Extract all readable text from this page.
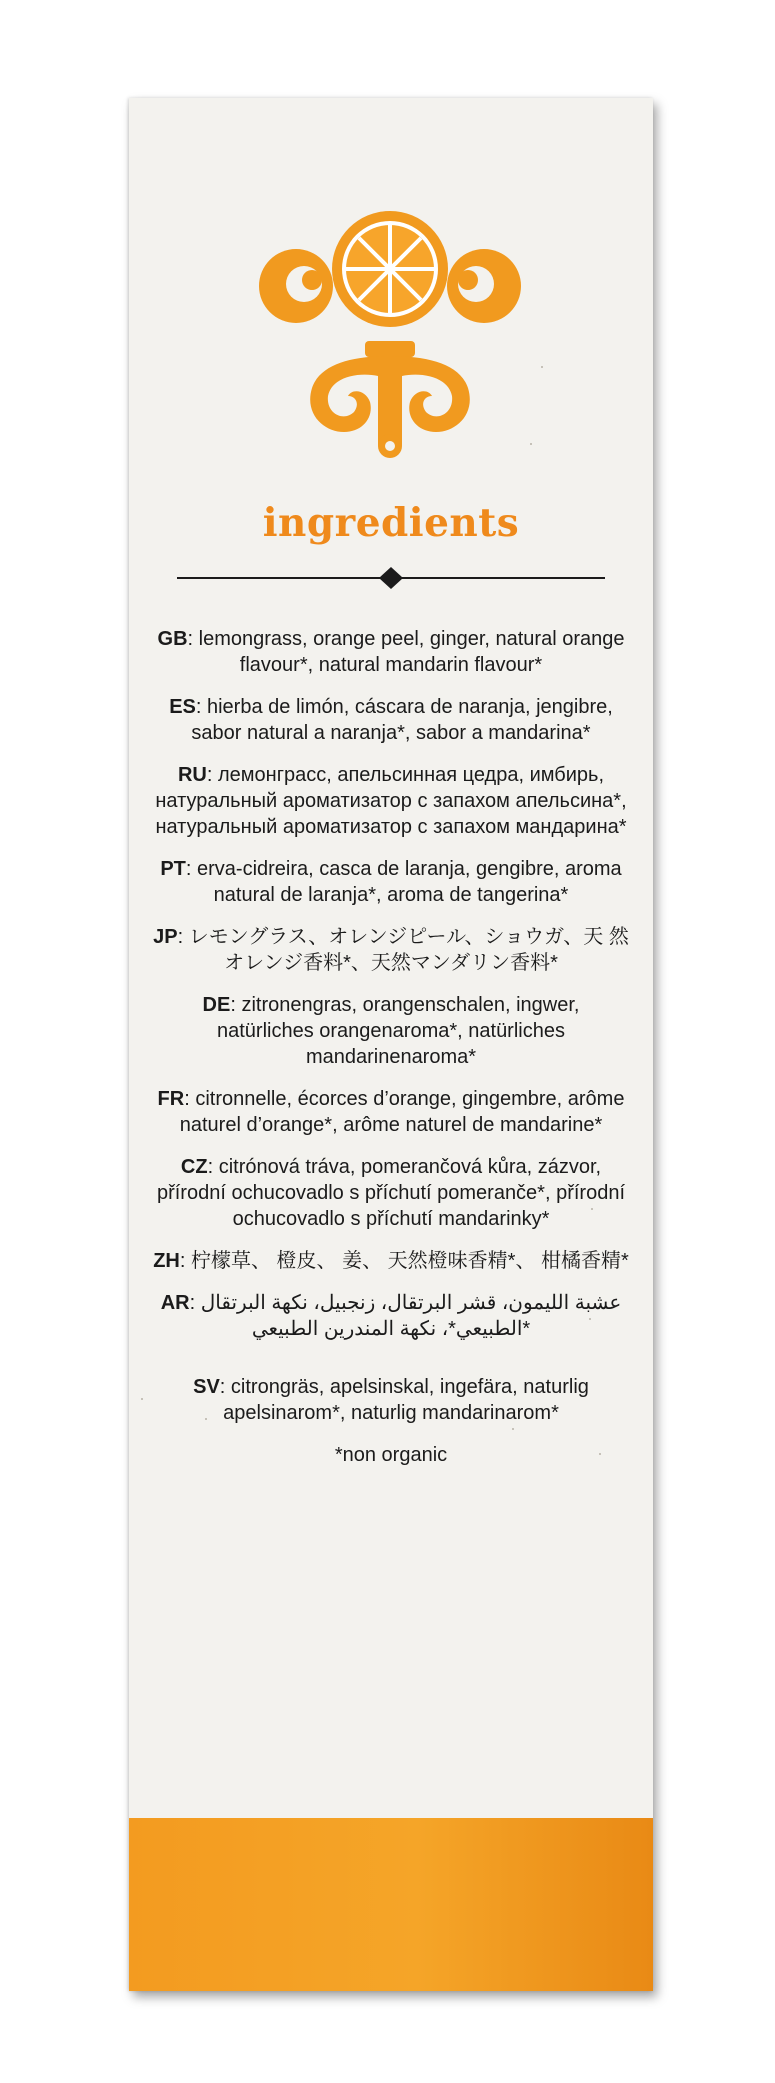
ingredients
GB: lemongrass, orange peel, ginger, natural orange flavour*, natural mandarin flavour*
ES: hierba de limón, cáscara de naranja, jengibre, sabor natural a naranja*, sabor a mandarina*
RU: лемонграсс, апельсинная цедра, имбирь, натуральный ароматизатор с запахом апельсина*, натуральный ароматизатор с запахом мандарина*
PT: erva-cidreira, casca de laranja, gengibre, aroma natural de laranja*, aroma de tangerina*
JP: レモングラス、オレンジピール、ショウガ、天 然オレンジ香料*、天然マンダリン香料*
DE: zitronengras, orangenschalen, ingwer, natürliches orangenaroma*, natürliches mandarinenaroma*
FR: citronnelle, écorces d’orange, gingembre, arôme naturel d’orange*, arôme naturel de mandarine*
CZ: citrónová tráva, pomerančová kůra, zázvor, přírodní ochucovadlo s příchutí pomeranče*, přírodní ochucovadlo s příchutí mandarinky*
ZH: 柠檬草、 橙皮、 姜、 天然橙味香精*、 柑橘香精*
AR: عشبة الليمون، قشر البرتقال، زنجبيل، نكهة البرتقال الطبيعي*، نكهة المندرين الطبيعي*
SV: citrongräs, apelsinskal, ingefära, naturlig apelsinarom*, naturlig mandarinarom*
*non organic
